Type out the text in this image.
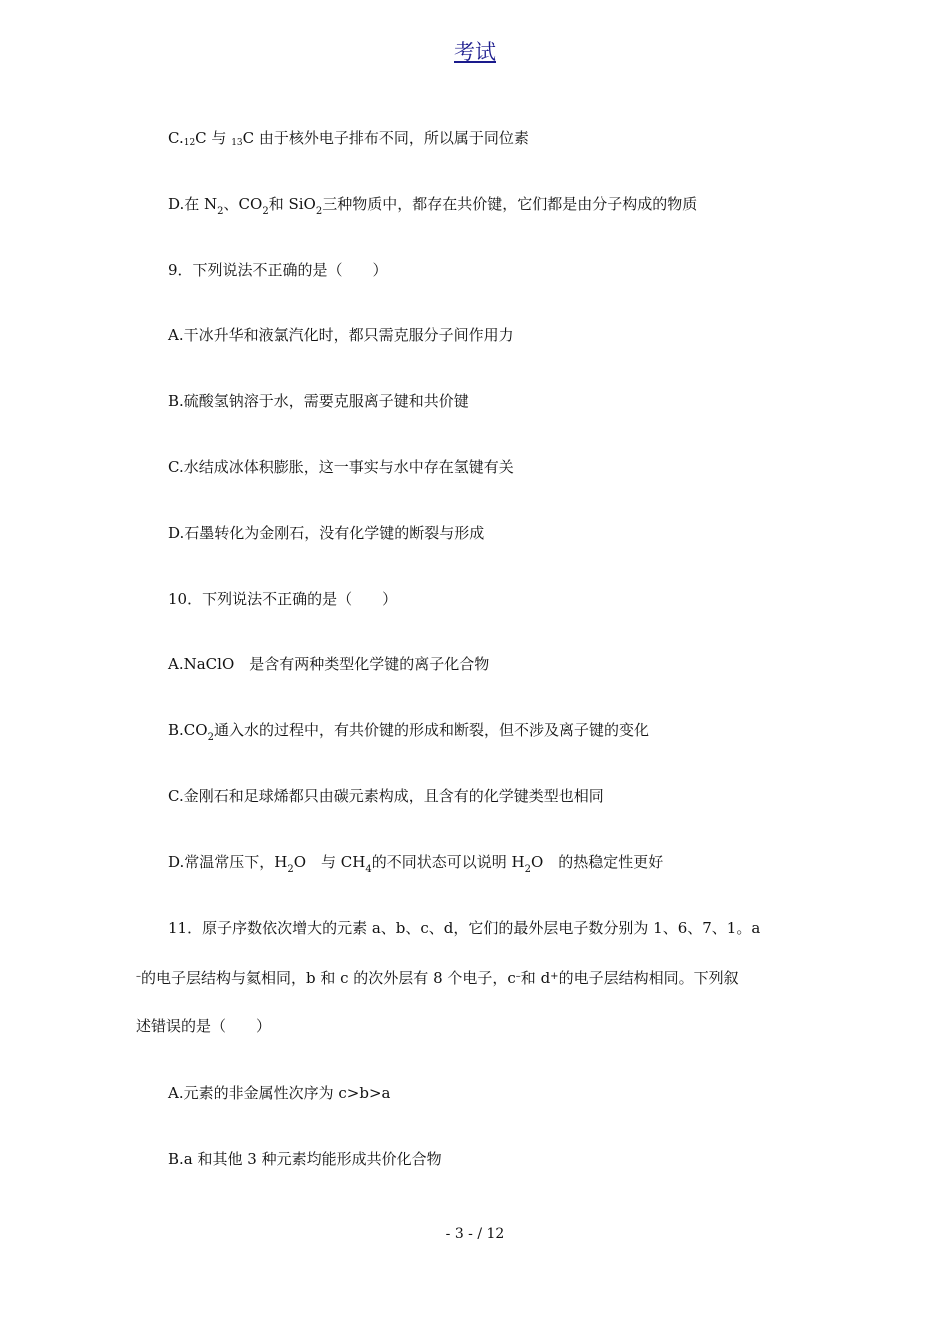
考试
C.12C 与 13C 由于核外电子排布不同，所以属于同位素
D.在 $N_2$、$CO_2$和 SiO$_2$三种物质中，都存在共价键，它们都是由分子构成的物质
9．下列说法不正确的是（　　）
A.干冰升华和液氯汽化时，都只需克服分子间作用力
B.硫酸氢钠溶于水，需要克服离子键和共价键
C.水结成冰体积膨胀，这一事实与水中存在氢键有关
D.石墨转化为金刚石，没有化学键的断裂与形成
10．下列说法不正确的是（　　）
A.NaClO　是含有两种类型化学键的离子化合物
$B.CO_2$通入水的过程中，有共价键的形成和断裂，但不涉及离子键的变化
C.金刚石和足球烯都只由碳元素构成，且含有的化学键类型也相同
D.常温常压下，$H_2O$　与 $CH_4$的不同状态可以说明 $H_2O$　的热稳定性更好
11．原子序数依次增大的元素 a、b、c、d，它们的最外层电子数分别为 1、6、7、1。a
–的电子层结构与氦相同，b 和 c 的次外层有 8 个电子，c–和 d+的电子层结构相同。下列叙
述错误的是（　　）
A.元素的非金属性次序为 c>b>a
B.a 和其他 3 种元素均能形成共价化合物
- 3 - / 12
